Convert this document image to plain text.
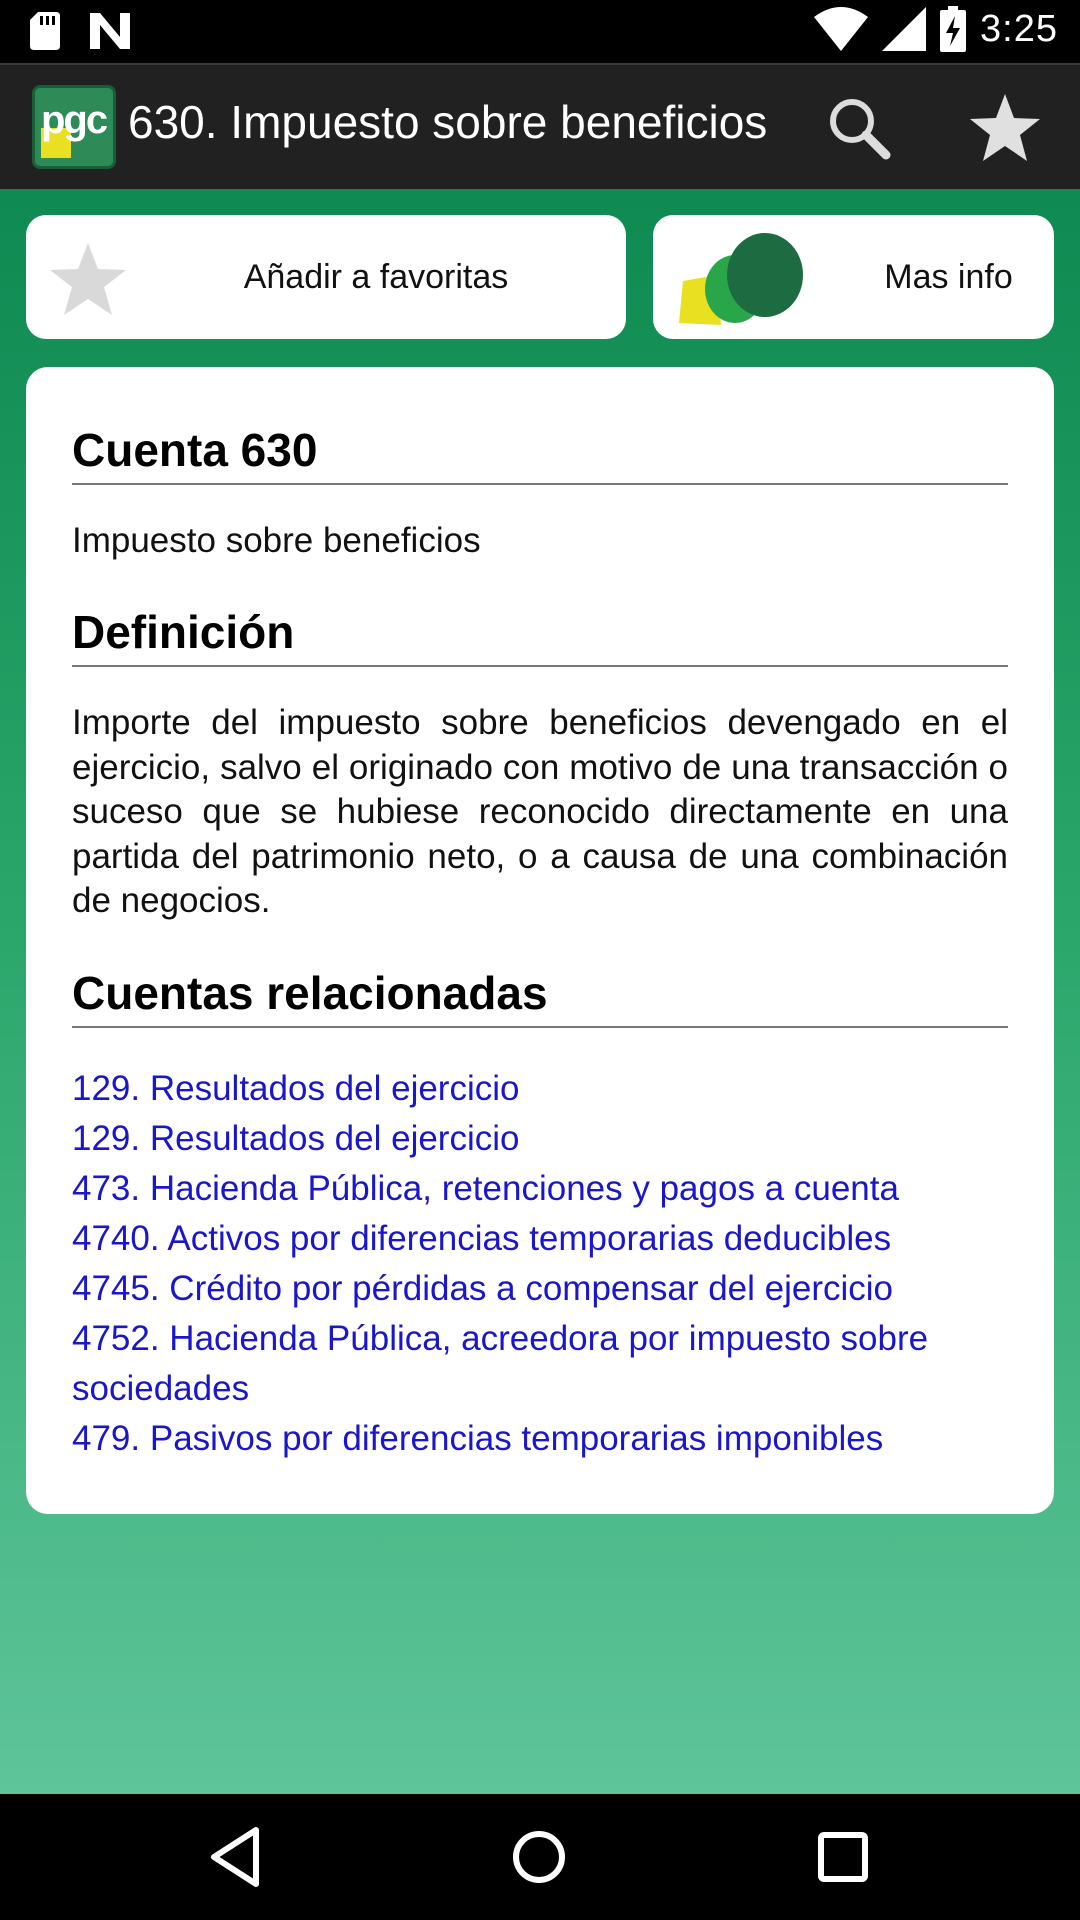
3:25
pgc 630. Impuesto sobre beneficios
Añadir a favoritas	Mas info
Cuenta 630
Impuesto sobre beneficios
Definición
Importe del impuesto sobre beneficios devengado en el ejercicio, salvo el originado con motivo de una transacción o suceso que se hubiese reconocido directamente en una partida del patrimonio neto, o a causa de una combinación de negocios.
Cuentas relacionadas
129. Resultados del ejercicio
129. Resultados del ejercicio
473. Hacienda Pública, retenciones y pagos a cuenta
4740. Activos por diferencias temporarias deducibles
4745. Crédito por pérdidas a compensar del ejercicio
4752. Hacienda Pública, acreedora por impuesto sobre sociedades
479. Pasivos por diferencias temporarias imponibles
